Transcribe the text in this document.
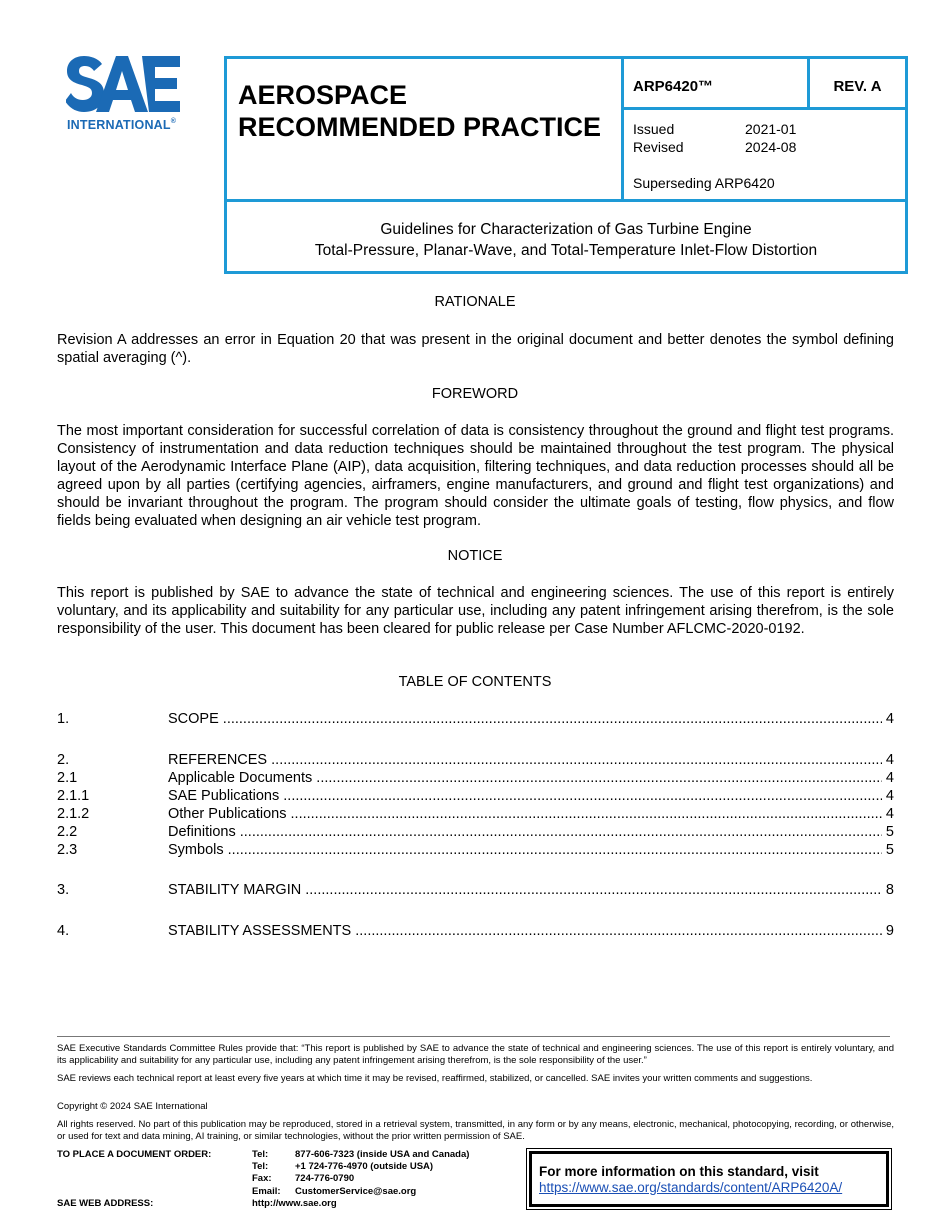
INTERNATIONAL®
AEROSPACE
RECOMMENDED PRACTICE
ARP6420™	REV. A
Issued	2021-01
Revised	2024-08
Superseding ARP6420
Guidelines for Characterization of Gas Turbine Engine
Total-Pressure, Planar-Wave, and Total-Temperature Inlet-Flow Distortion
RATIONALE
Revision A addresses an error in Equation 20 that was present in the original document and better denotes the symbol defining spatial averaging (^).
FOREWORD
The most important consideration for successful correlation of data is consistency throughout the ground and flight test programs. Consistency of instrumentation and data reduction techniques should be maintained throughout the test program. The physical layout of the Aerodynamic Interface Plane (AIP), data acquisition, filtering techniques, and data reduction processes should all be agreed upon by all parties (certifying agencies, airframers, engine manufacturers, and ground and flight test organizations) and should be invariant throughout the program. The program should consider the ultimate goals of testing, flow physics, and flow fields being evaluated when designing an air vehicle test program.
NOTICE
This report is published by SAE to advance the state of technical and engineering sciences. The use of this report is entirely voluntary, and its applicability and suitability for any particular use, including any patent infringement arising therefrom, is the sole responsibility of the user. This document has been cleared for public release per Case Number AFLCMC-2020-0192.
TABLE OF CONTENTS
1.	SCOPE .....	4
2.	REFERENCES .....	4
2.1	Applicable Documents .....	4
2.1.1	SAE Publications .....	4
2.1.2	Other Publications .....	4
2.2	Definitions .....	5
2.3	Symbols .....	5
3.	STABILITY MARGIN .....	8
4.	STABILITY ASSESSMENTS .....	9
SAE Executive Standards Committee Rules provide that: “This report is published by SAE to advance the state of technical and engineering sciences. The use of this report is entirely voluntary, and its applicability and suitability for any particular use, including any patent infringement arising therefrom, is the sole responsibility of the user.”
SAE reviews each technical report at least every five years at which time it may be revised, reaffirmed, stabilized, or cancelled. SAE invites your written comments and suggestions.
Copyright © 2024 SAE International
All rights reserved. No part of this publication may be reproduced, stored in a retrieval system, transmitted, in any form or by any means, electronic, mechanical, photocopying, recording, or otherwise, or used for text and data mining, AI training, or similar technologies, without the prior written permission of SAE.
TO PLACE A DOCUMENT ORDER:
SAE WEB ADDRESS:
Tel:	877-606-7323 (inside USA and Canada)
Tel:	+1 724-776-4970 (outside USA)
Fax: 724-776-0790
Email: CustomerService@sae.org
http://www.sae.org
For more information on this standard, visit
https://www.sae.org/standards/content/ARP6420A/
